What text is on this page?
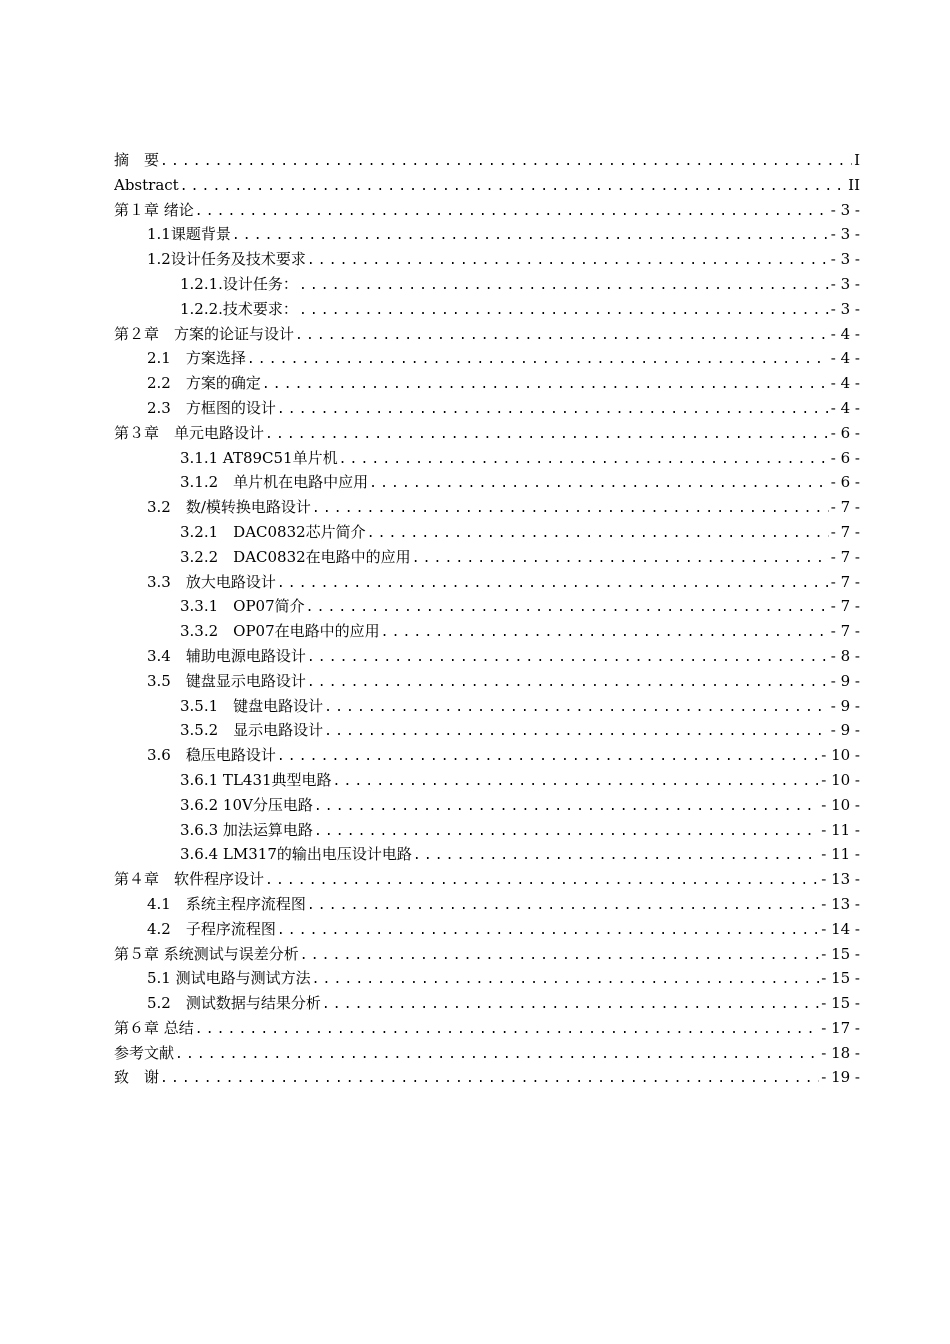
摘　要 .....	I
Abstract .....	II
第１章 绪论 .....	- 3 -
1.1课题背景 .....	- 3 -
1.2设计任务及技术要求 .....	- 3 -
1.2.1.设计任务： .....	- 3 -
1.2.2.技术要求： .....	- 3 -
第２章　方案的论证与设计 .....	- 4 -
2.1　方案选择 .....	- 4 -
2.2　方案的确定 .....	- 4 -
2.3　方框图的设计 .....	- 4 -
第３章　单元电路设计 .....	- 6 -
3.1.1 AT89C51单片机 .....	- 6 -
3.1.2　单片机在电路中应用 .....	- 6 -
3.2　数/模转换电路设计 .....	- 7 -
3.2.1　DAC0832芯片简介 .....	- 7 -
3.2.2　DAC0832在电路中的应用 .....	- 7 -
3.3　放大电路设计 .....	- 7 -
3.3.1　OP07简介 .....	- 7 -
3.3.2　OP07在电路中的应用 .....	- 7 -
3.4　辅助电源电路设计 .....	- 8 -
3.5　键盘显示电路设计 .....	- 9 -
3.5.1　键盘电路设计 .....	- 9 -
3.5.2　显示电路设计 .....	- 9 -
3.6　稳压电路设计 .....	- 10 -
3.6.1 TL431典型电路 .....	- 10 -
3.6.2 10V分压电路 .....	- 10 -
3.6.3 加法运算电路 .....	- 11 -
3.6.4 LM317的输出电压设计电路 .....	- 11 -
第４章　软件程序设计 .....	- 13 -
4.1　系统主程序流程图 .....	- 13 -
4.2　子程序流程图 .....	- 14 -
第５章 系统测试与误差分析 .....	- 15 -
5.1 测试电路与测试方法 .....	- 15 -
5.2　测试数据与结果分析 .....	- 15 -
第６章 总结 .....	- 17 -
参考文献 .....	- 18 -
致　谢 .....	- 19 -
